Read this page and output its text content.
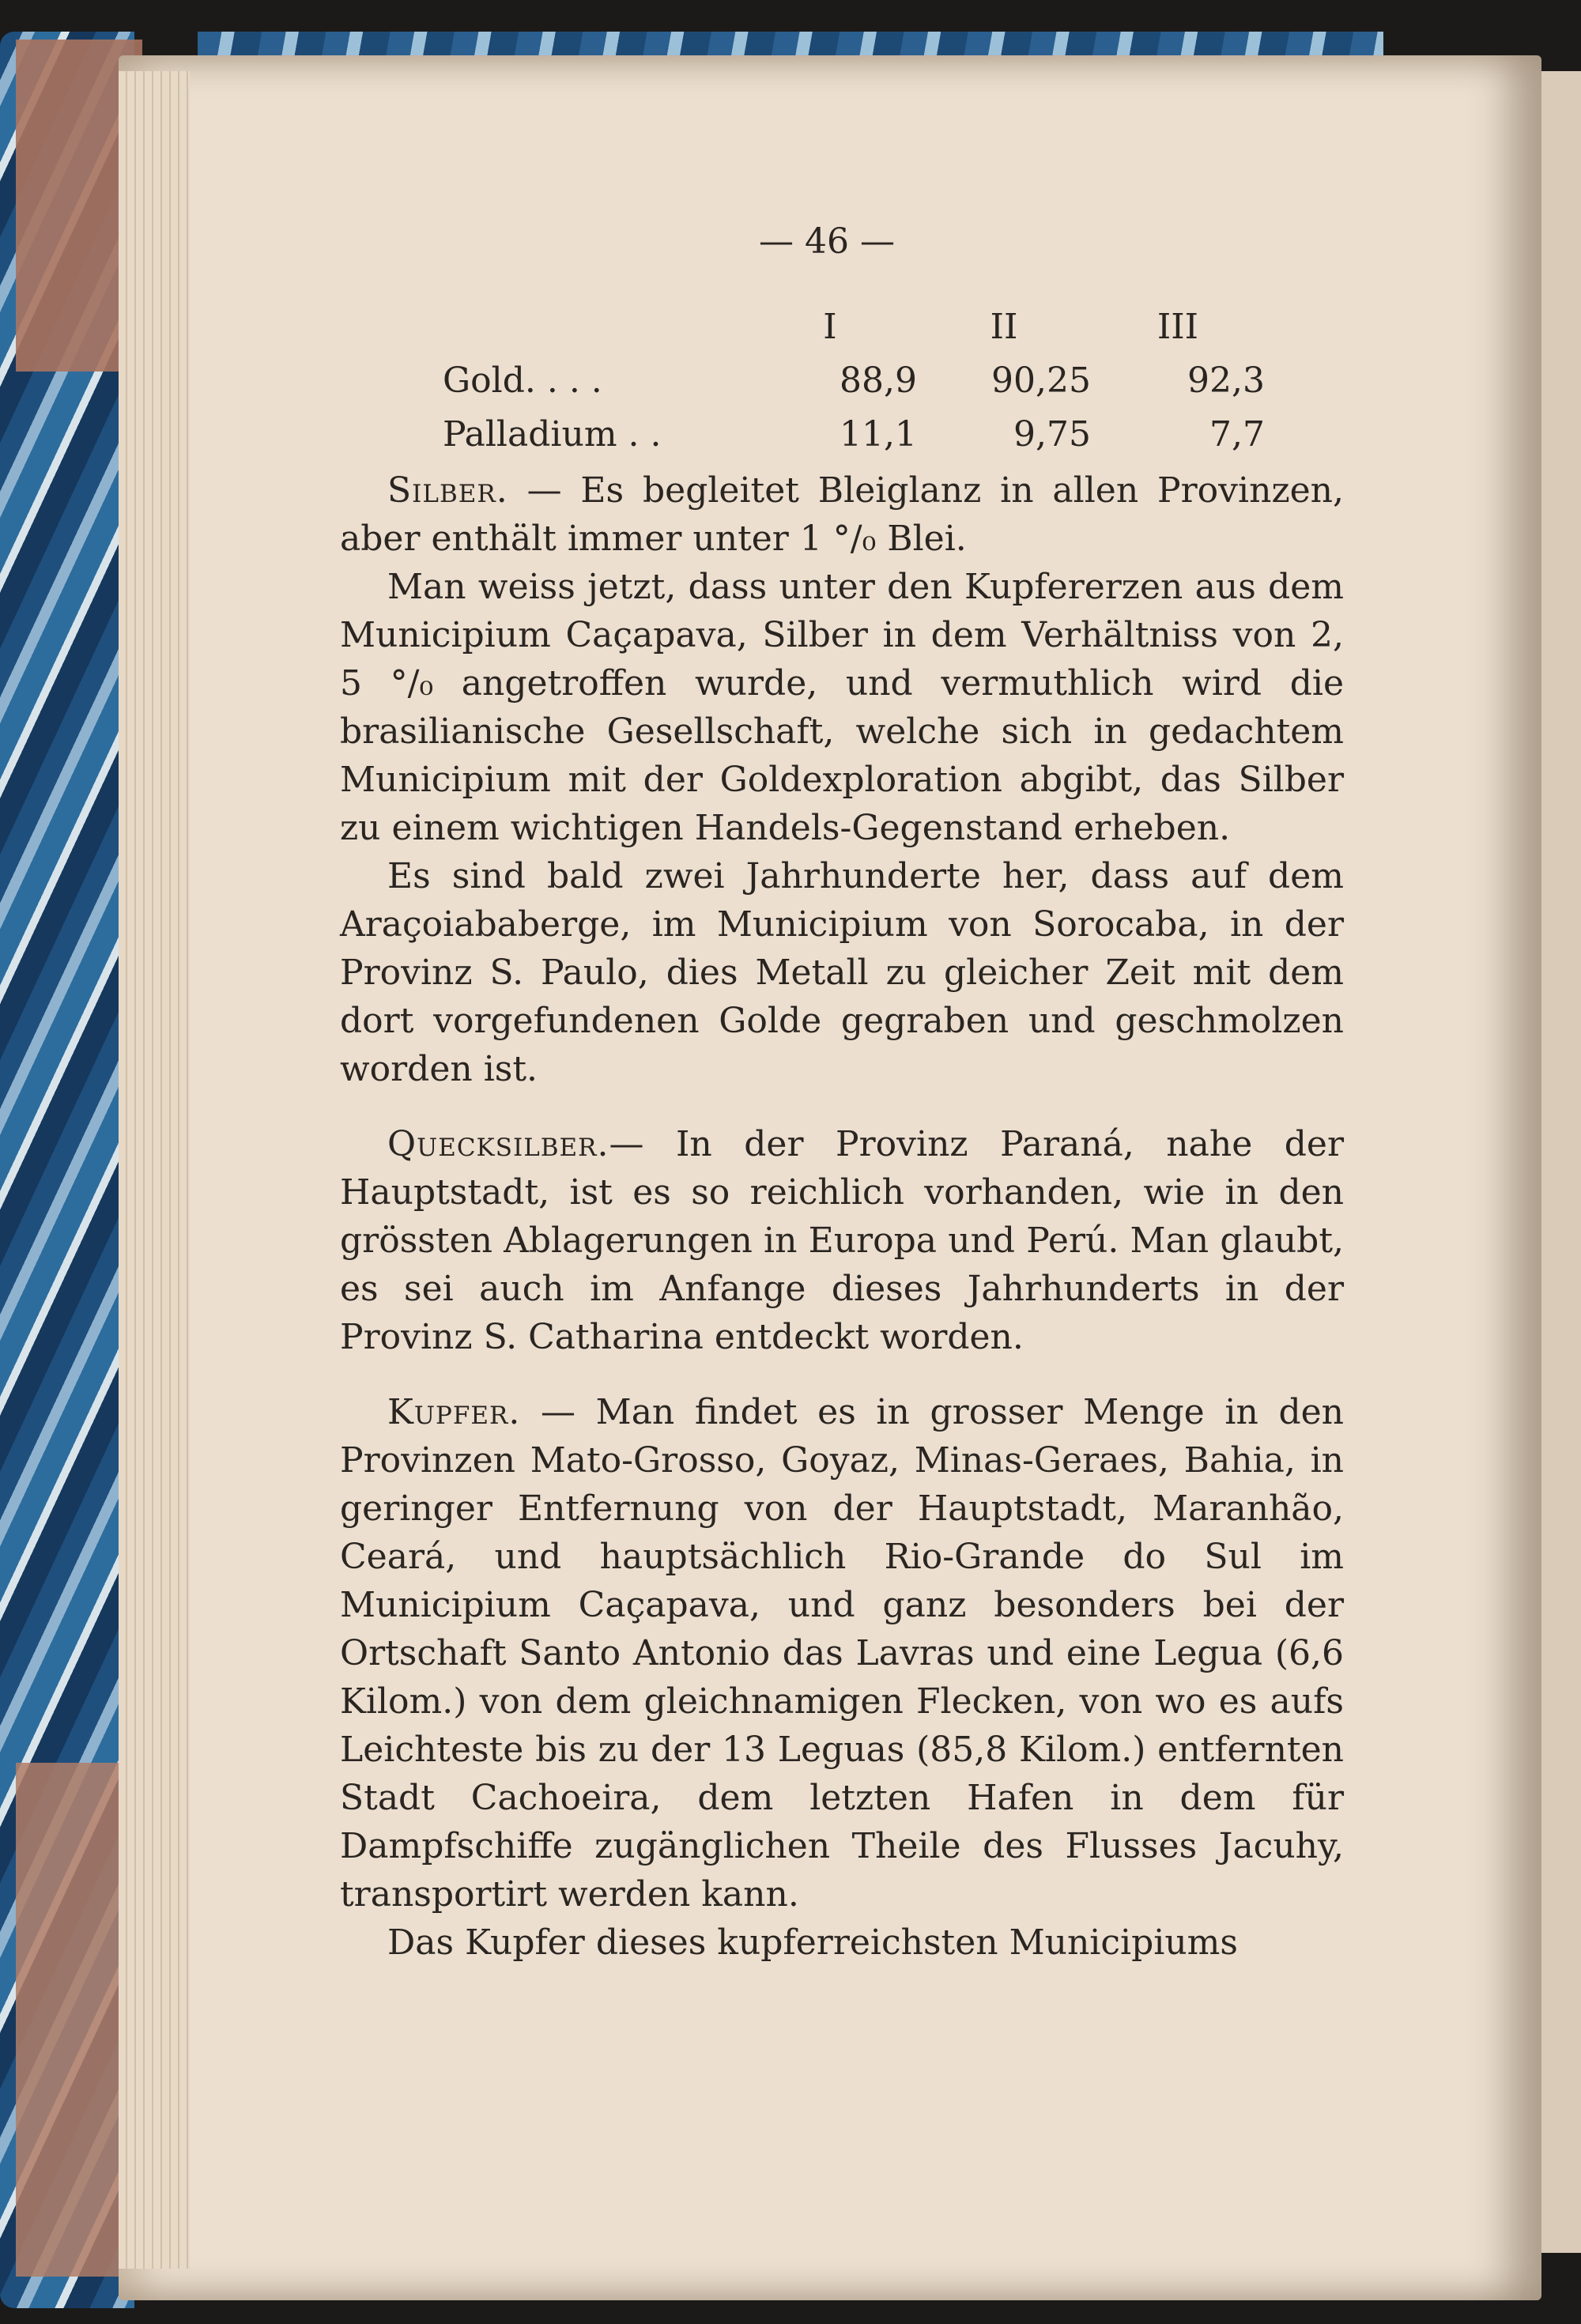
— 46 —
	I	II	III
Gold. . . .	88,9	90,25	92,3
Palladium . .	11,1	9,75	7,7

Silber. — Es begleitet Bleiglanz in allen Provinzen, aber enthält immer unter 1 °/₀ Blei.

Man weiss jetzt, dass unter den Kupfererzen aus dem Municipium Caçapava, Silber in dem Verhältniss von 2, 5 °/₀ angetroffen wurde, und vermuthlich wird die brasilianische Gesellschaft, welche sich in gedachtem Municipium mit der Goldexploration abgibt, das Silber zu einem wichtigen Handels-Gegenstand erheben.

Es sind bald zwei Jahrhunderte her, dass auf dem Araçoiababerge, im Municipium von Sorocaba, in der Provinz S. Paulo, dies Metall zu gleicher Zeit mit dem dort vorgefundenen Golde gegraben und geschmolzen worden ist.

Quecksilber.— In der Provinz Paraná, nahe der Hauptstadt, ist es so reichlich vorhanden, wie in den grössten Ablagerungen in Europa und Perú. Man glaubt, es sei auch im Anfange dieses Jahrhunderts in der Provinz S. Catharina entdeckt worden.

Kupfer. — Man findet es in grosser Menge in den Provinzen Mato-Grosso, Goyaz, Minas-Geraes, Bahia, in geringer Entfernung von der Hauptstadt, Maranhão, Ceará, und hauptsächlich Rio-Grande do Sul im Municipium Caçapava, und ganz besonders bei der Ortschaft Santo Antonio das Lavras und eine Legua (6,6 Kilom.) von dem gleichnamigen Flecken, von wo es aufs Leichteste bis zu der 13 Leguas (85,8 Kilom.) entfernten Stadt Cachoeira, dem letzten Hafen in dem für Dampfschiffe zugänglichen Theile des Flusses Jacuhy, transportirt werden kann.

Das Kupfer dieses kupferreichsten Municipiums
